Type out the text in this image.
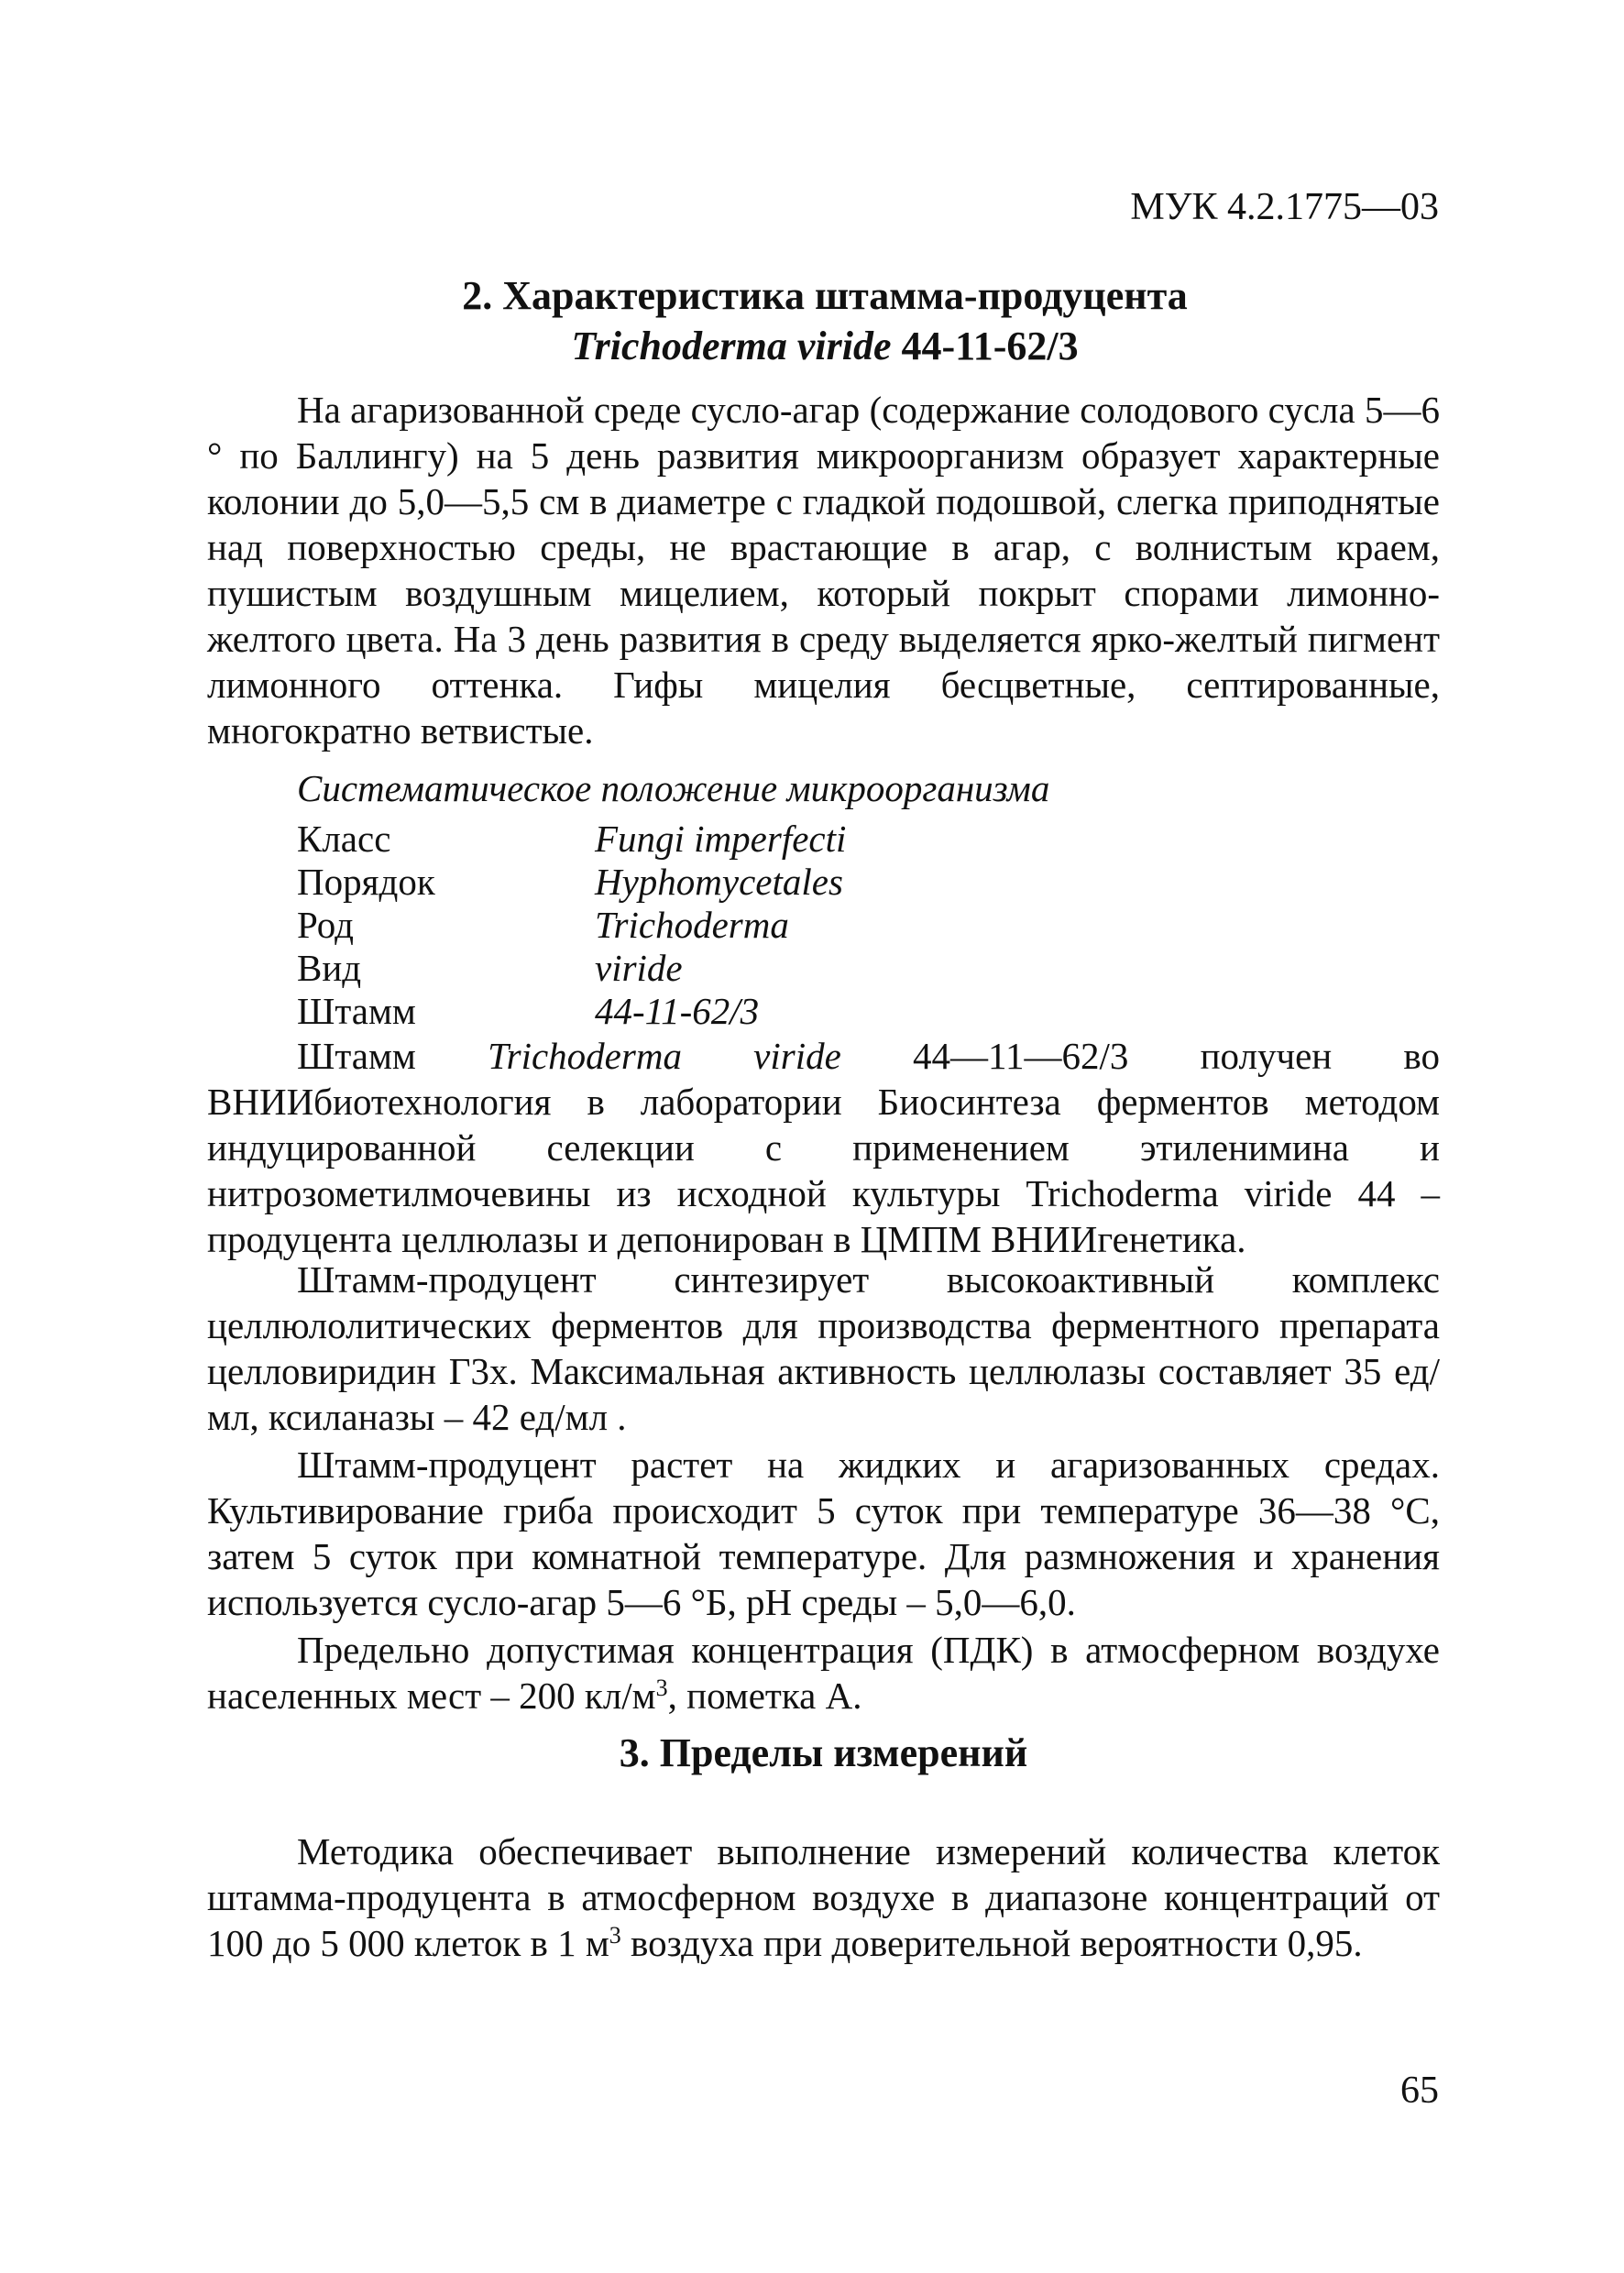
МУК 4.2.1775—03
2. Характеристика штамма-продуцента
Trichoderma viride 44-11-62/3

На агаризованной среде сусло-агар (содержание солодового сусла 5—6 ° по Баллингу) на 5 день развития микроорганизм образует характерные колонии до 5,0—5,5 см в диаметре с гладкой подошвой, слегка приподнятые над поверхностью среды, не врастающие в агар, с волнистым краем, пушистым воздушным мицелием, который покрыт спорами лимонно-желтого цвета. На 3 день развития в среду выделяется ярко-желтый пигмент лимонного оттенка. Гифы мицелия бесцветные, септированные, многократно ветвистые.

Систематическое положение микроорганизма
Класс	Fungi imperfecti
Порядок	Hyphomycetales
Род	Trichoderma
Вид	viride
Штамм	44-11-62/3

Штамм Trichoderma viride 44—11—62/3 получен во ВНИИбиотехнология в лаборатории Биосинтеза ферментов методом индуцированной селекции с применением этиленимина и нитрозометилмочевины из исходной культуры Trichoderma viride 44 – продуцента целлюлазы и депонирован в ЦМПМ ВНИИгенетика.

Штамм-продуцент синтезирует высокоактивный комплекс целлюлолитических ферментов для производства ферментного препарата целловиридин Г3х. Максимальная активность целлюлазы составляет 35 ед/мл, ксиланазы – 42 ед/мл .

Штамм-продуцент растет на жидких и агаризованных средах. Культивирование гриба происходит 5 суток при температуре 36—38 °С, затем 5 суток при комнатной температуре. Для размножения и хранения используется сусло-агар 5—6 °Б, рН среды – 5,0—6,0.

Предельно допустимая концентрация (ПДК) в атмосферном воздухе населенных мест – 200 $кл/м^3$, пометка А.

3. Пределы измерений

Методика обеспечивает выполнение измерений количества клеток штамма-продуцента в атмосферном воздухе в диапазоне концентраций от 100 до 5 000 клеток в 1 $м^3$ воздуха при доверительной вероятности 0,95.

65
